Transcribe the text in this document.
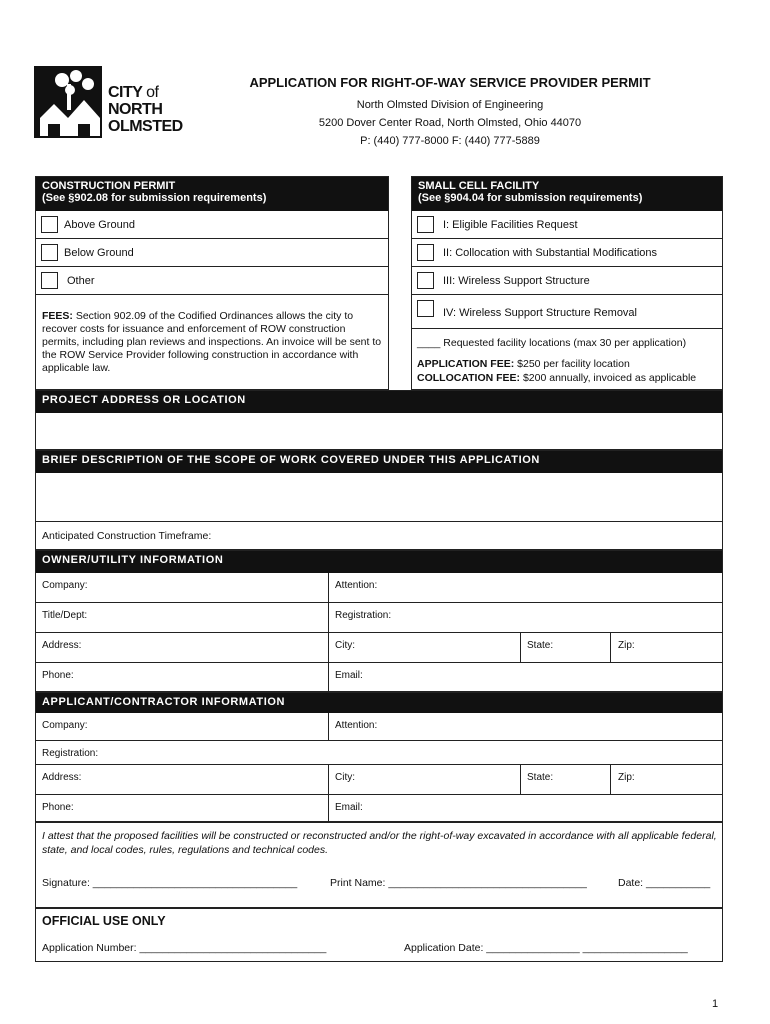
CITY of
NORTH
OLMSTED
APPLICATION FOR RIGHT-OF-WAY SERVICE PROVIDER PERMIT
North Olmsted Division of Engineering
5200 Dover Center Road, North Olmsted, Ohio 44070
P: (440) 777-8000 F: (440) 777-5889
CONSTRUCTION PERMIT
(See §902.08 for submission requirements)
Above Ground
Below Ground
Other
FEES: Section 902.09 of the Codified Ordinances allows the city to recover costs for issuance and enforcement of ROW construction permits, including plan reviews and inspections. An invoice will be sent to the ROW Service Provider following construction in accordance with applicable law.
SMALL CELL FACILITY
(See §904.04 for submission requirements)
I: Eligible Facilities Request
II: Collocation with Substantial Modifications
III: Wireless Support Structure
IV: Wireless Support Structure Removal
____ Requested facility locations (max 30 per application)
APPLICATION FEE: $250 per facility location
COLLOCATION FEE: $200 annually, invoiced as applicable
PROJECT ADDRESS OR LOCATION
BRIEF DESCRIPTION OF THE SCOPE OF WORK COVERED UNDER THIS APPLICATION
Anticipated Construction Timeframe:
OWNER/UTILITY INFORMATION
Company:	Attention:
Title/Dept:	Registration:
Address:	City:	State:	Zip:
Phone:	Email:
APPLICANT/CONTRACTOR INFORMATION
Company:	Attention:
Registration:
Address:	City:	State:	Zip:
Phone:	Email:
I attest that the proposed facilities will be constructed or reconstructed and/or the right-of-way excavated in accordance with all applicable federal, state, and local codes, rules, regulations and technical codes.
Signature: ___________________________________	Print Name: __________________________________	Date: ___________
OFFICIAL USE ONLY
Application Number: ________________________________	Application Date: ________________ __________________
1
